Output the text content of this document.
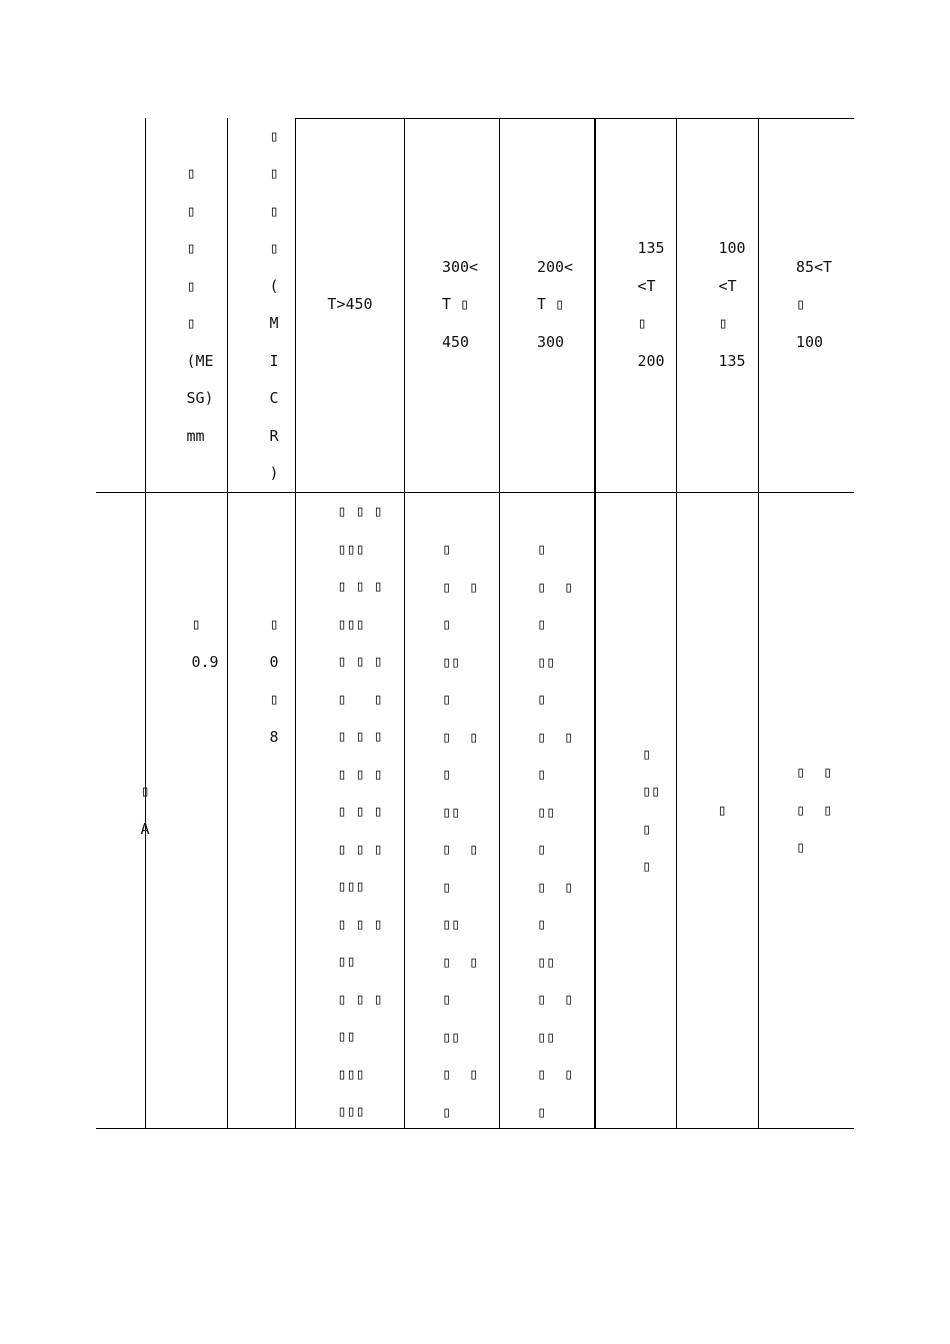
▯
▯
▯
▯
▯
(ME
SG)
mm
▯
▯
▯
▯
(
M
I
C
R
)
T>450
300<
T ▯
450
200<
T ▯
300
135
<T
▯
200
100
<T
▯
135
85<T
▯
100
▯
A
▯
0.9
▯
0
▯
8
▯ ▯ ▯
▯▯▯
▯ ▯ ▯
▯▯▯
▯ ▯ ▯
▯   ▯
▯ ▯ ▯
▯ ▯ ▯
▯ ▯ ▯
▯ ▯ ▯
▯▯▯
▯ ▯ ▯
▯▯
▯ ▯ ▯
▯▯
▯▯▯
▯▯▯
▯
▯  ▯
▯
▯▯
▯
▯  ▯
▯
▯▯
▯  ▯
▯
▯▯
▯  ▯
▯
▯▯
▯  ▯
▯
▯
▯  ▯
▯
▯▯
▯
▯  ▯
▯
▯▯
▯
▯  ▯
▯
▯▯
▯  ▯
▯▯
▯  ▯
▯
▯
▯▯
▯
▯
▯
▯  ▯
▯  ▯
▯
